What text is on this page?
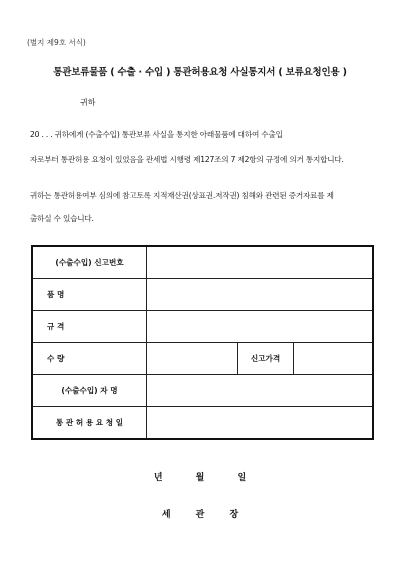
(별지 제9호 서식)
통관보류물품 ( 수출 · 수입 ) 통관허용요청 사실통지서 ( 보류요청인용 )
귀하
20 . . . 귀하에게 (수출수입) 통관보류 사실을 통지한 아래물품에 대하여 수출입
자로부터 통관허용 요청이 있었음을 관세법 시행령 제127조의 7 제2항의 규정에 의거 통지합니다.
귀하는 통관허용여부 심의에 참고토록 지적재산권(상표권.저작권) 침해와 관련된 증거자료를 제
출하실 수 있습니다.
(수출수입) 신고번호			

품 명			

규 격			

수 량		신고가격	
(수출수입) 자 명			
통 관 허 용 요 청 일			
년 월 일
세 관 장
